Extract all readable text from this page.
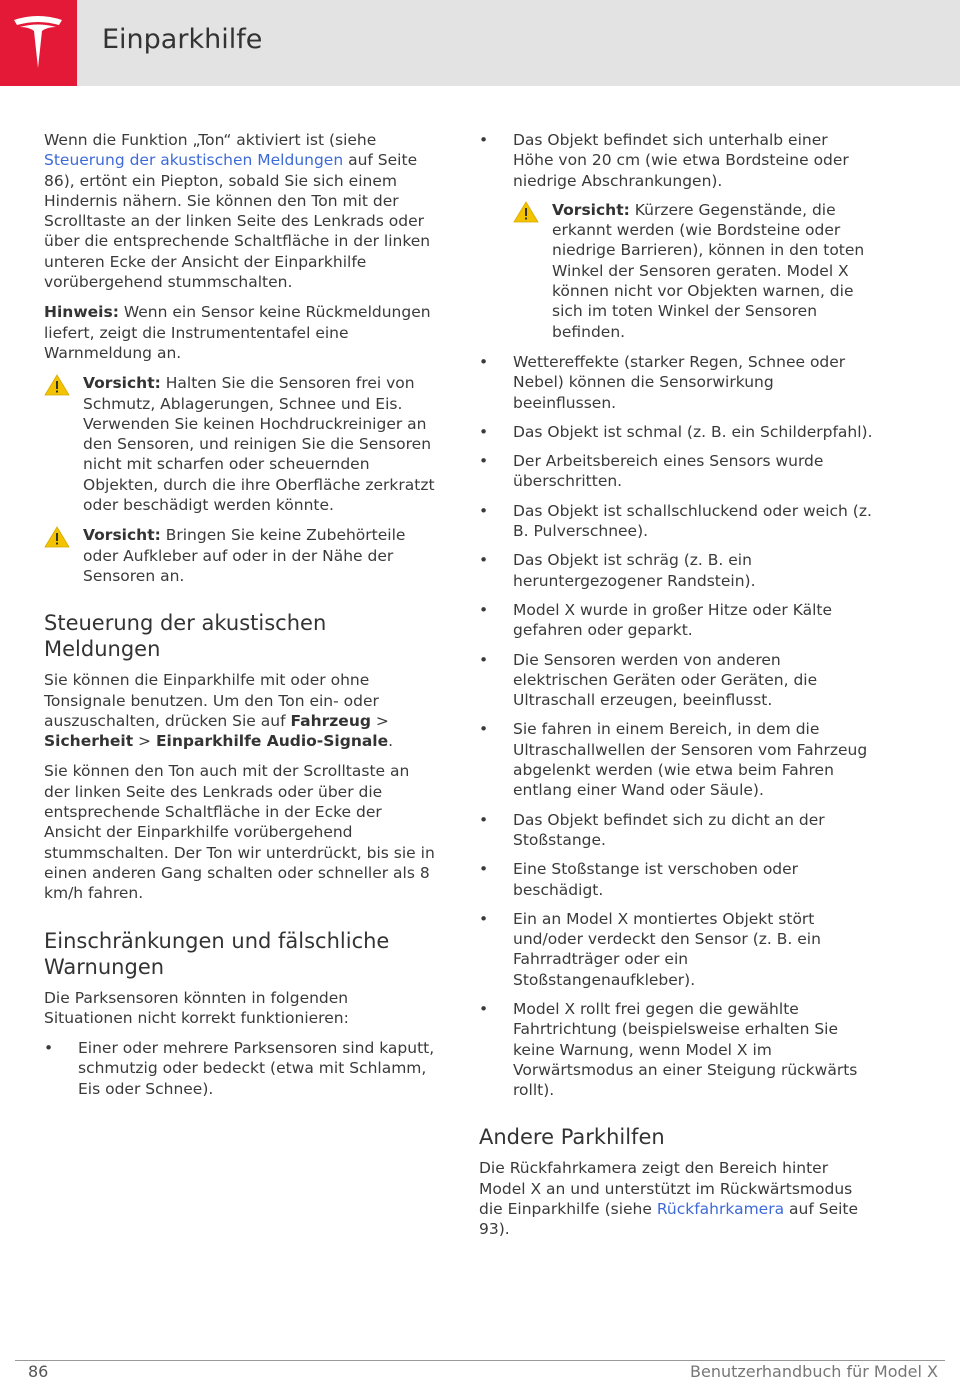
Einparkhilfe

Wenn die Funktion „Ton“ aktiviert ist (siehe Steuerung der akustischen Meldungen auf Seite 86), ertönt ein Piepton, sobald Sie sich einem Hindernis nähern. Sie können den Ton mit der Scrolltaste an der linken Seite des Lenkrads oder über die entsprechende Schaltfläche in der linken unteren Ecke der Ansicht der Einparkhilfe vorübergehend stummschalten.

Hinweis: Wenn ein Sensor keine Rückmeldungen liefert, zeigt die Instrumententafel eine Warnmeldung an.

Vorsicht: Halten Sie die Sensoren frei von Schmutz, Ablagerungen, Schnee und Eis. Verwenden Sie keinen Hochdruckreiniger an den Sensoren, und reinigen Sie die Sensoren nicht mit scharfen oder scheuernden Objekten, durch die ihre Oberfläche zerkratzt oder beschädigt werden könnte.
Vorsicht: Bringen Sie keine Zubehörteile oder Aufkleber auf oder in der Nähe der Sensoren an.
Steuerung der akustischen Meldungen

Sie können die Einparkhilfe mit oder ohne Tonsignale benutzen. Um den Ton ein- oder auszuschalten, drücken Sie auf Fahrzeug > Sicherheit > Einparkhilfe Audio-Signale.

Sie können den Ton auch mit der Scrolltaste an der linken Seite des Lenkrads oder über die entsprechende Schaltfläche in der Ecke der Ansicht der Einparkhilfe vorübergehend stummschalten. Der Ton wir unterdrückt, bis sie in einen anderen Gang schalten oder schneller als 8 km/h fahren.

Einschränkungen und fälschliche Warnungen

Die Parksensoren könnten in folgenden Situationen nicht korrekt funktionieren:

• Einer oder mehrere Parksensoren sind kaputt, schmutzig oder bedeckt (etwa mit Schlamm, Eis oder Schnee).
• Das Objekt befindet sich unterhalb einer Höhe von 20 cm (wie etwa Bordsteine oder niedrige Abschrankungen).
Vorsicht: Kürzere Gegenstände, die erkannt werden (wie Bordsteine oder niedrige Barrieren), können in den toten Winkel der Sensoren geraten. Model X können nicht vor Objekten warnen, die sich im toten Winkel der Sensoren befinden.
• Wettereffekte (starker Regen, Schnee oder Nebel) können die Sensorwirkung beeinflussen.
• Das Objekt ist schmal (z. B. ein Schilderpfahl).
• Der Arbeitsbereich eines Sensors wurde überschritten.
• Das Objekt ist schallschluckend oder weich (z. B. Pulverschnee).
• Das Objekt ist schräg (z. B. ein heruntergezogener Randstein).
• Model X wurde in großer Hitze oder Kälte gefahren oder geparkt.
• Die Sensoren werden von anderen elektrischen Geräten oder Geräten, die Ultraschall erzeugen, beeinflusst.
• Sie fahren in einem Bereich, in dem die Ultraschallwellen der Sensoren vom Fahrzeug abgelenkt werden (wie etwa beim Fahren entlang einer Wand oder Säule).
• Das Objekt befindet sich zu dicht an der Stoßstange.
• Eine Stoßstange ist verschoben oder beschädigt.
• Ein an Model X montiertes Objekt stört und/oder verdeckt den Sensor (z. B. ein Fahrradträger oder ein Stoßstangenaufkleber).
• Model X rollt frei gegen die gewählte Fahrtrichtung (beispielsweise erhalten Sie keine Warnung, wenn Model X im Vorwärtsmodus an einer Steigung rückwärts rollt).
Andere Parkhilfen

Die Rückfahrkamera zeigt den Bereich hinter Model X an und unterstützt im Rückwärtsmodus die Einparkhilfe (siehe Rückfahrkamera auf Seite 93).

86	Benutzerhandbuch für Model X
